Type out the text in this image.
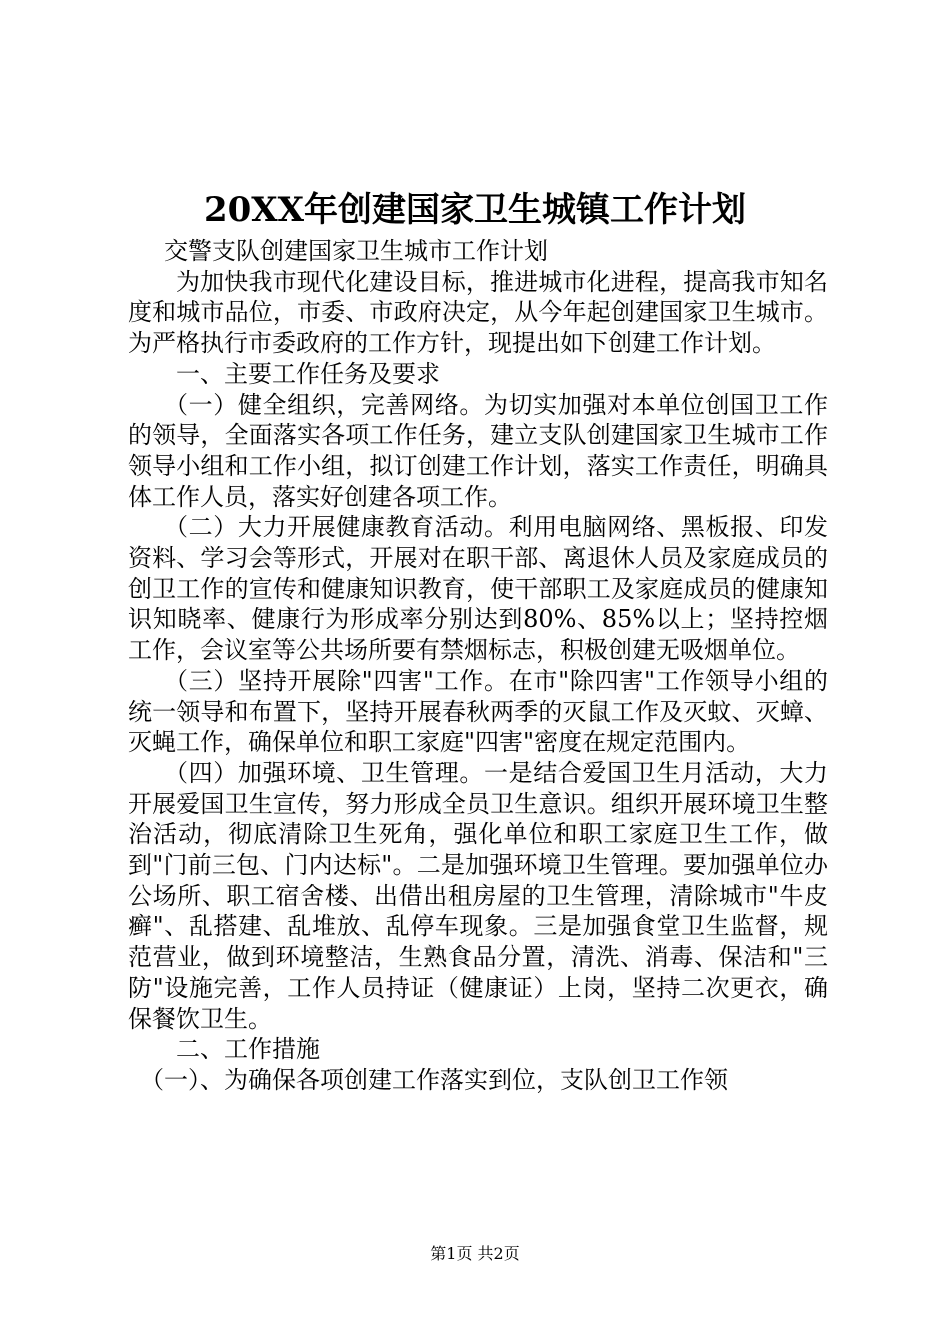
20XX年创建国家卫生城镇工作计划

交警支队创建国家卫生城市工作计划

为加快我市现代化建设目标，推进城市化进程，提高我市知名度和城市品位，市委、市政府决定，从今年起创建国家卫生城市。为严格执行市委政府的工作方针，现提出如下创建工作计划。

一、主要工作任务及要求

（一）健全组织，完善网络。为切实加强对本单位创国卫工作的领导，全面落实各项工作任务，建立支队创建国家卫生城市工作领导小组和工作小组，拟订创建工作计划，落实工作责任，明确具体工作人员，落实好创建各项工作。

（二）大力开展健康教育活动。利用电脑网络、黑板报、印发资料、学习会等形式，开展对在职干部、离退休人员及家庭成员的创卫工作的宣传和健康知识教育，使干部职工及家庭成员的健康知识知晓率、健康行为形成率分别达到80%、85%以上；坚持控烟工作，会议室等公共场所要有禁烟标志，积极创建无吸烟单位。

（三）坚持开展除"四害"工作。在市"除四害"工作领导小组的统一领导和布置下，坚持开展春秋两季的灭鼠工作及灭蚊、灭蟑、灭蝇工作，确保单位和职工家庭"四害"密度在规定范围内。

（四）加强环境、卫生管理。一是结合爱国卫生月活动，大力开展爱国卫生宣传，努力形成全员卫生意识。组织开展环境卫生整治活动，彻底清除卫生死角，强化单位和职工家庭卫生工作，做到"门前三包、门内达标"。二是加强环境卫生管理。要加强单位办公场所、职工宿舍楼、出借出租房屋的卫生管理，清除城市"牛皮癣"、乱搭建、乱堆放、乱停车现象。三是加强食堂卫生监督，规范营业，做到环境整洁，生熟食品分置，清洗、消毒、保洁和"三防"设施完善，工作人员持证（健康证）上岗，坚持二次更衣，确保餐饮卫生。

二、工作措施

（一）、为确保各项创建工作落实到位，支队创卫工作领

第1页 共2页
